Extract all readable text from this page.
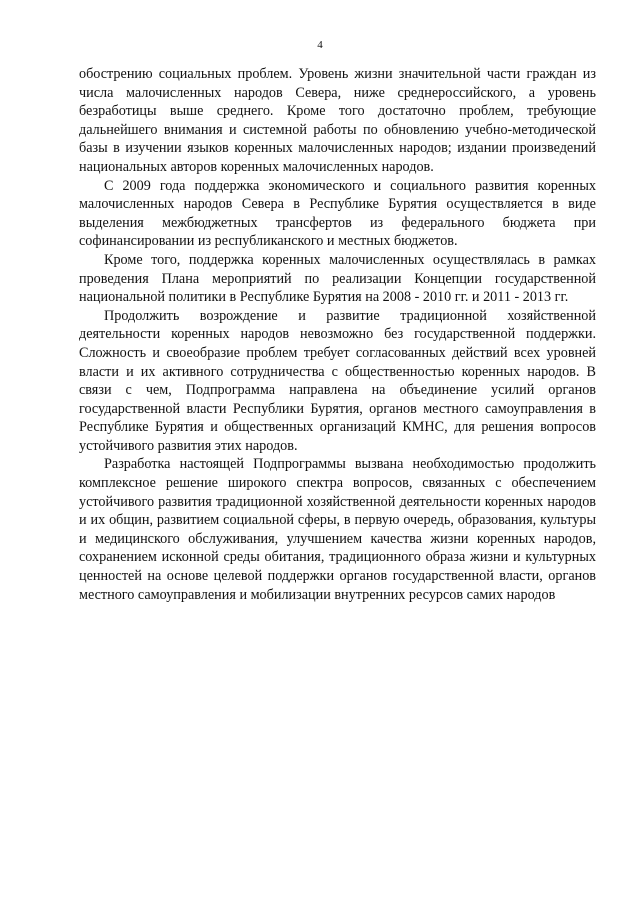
4

обострению социальных проблем. Уровень жизни значительной части граждан из числа малочисленных народов Севера, ниже среднероссийского, а уровень безработицы выше среднего. Кроме того достаточно проблем, требующие дальнейшего внимания и системной работы по обновлению учебно-методической базы в изучении языков коренных малочисленных народов; издании произведений национальных авторов коренных малочисленных народов.

С 2009 года поддержка экономического и социального развития коренных малочисленных народов Севера в Республике Бурятия осуществляется в виде выделения межбюджетных трансфертов из федерального бюджета при софинансировании из республиканского и местных бюджетов.

Кроме того, поддержка коренных малочисленных осуществлялась в рамках проведения Плана мероприятий по реализации Концепции государственной национальной политики в Республике Бурятия на 2008 - 2010 гг. и 2011 - 2013 гг.

Продолжить возрождение и развитие традиционной хозяйственной деятельности коренных народов невозможно без государственной поддержки. Сложность и своеобразие проблем требует согласованных действий всех уровней власти и их активного сотрудничества с общественностью коренных народов. В связи с чем, Подпрограмма направлена на объединение усилий органов государственной власти Республики Бурятия, органов местного самоуправления в Республике Бурятия и общественных организаций КМНС, для решения вопросов устойчивого развития этих народов.

Разработка настоящей Подпрограммы вызвана необходимостью продолжить комплексное решение широкого спектра вопросов, связанных с обеспечением устойчивого развития традиционной хозяйственной деятельности коренных народов и их общин, развитием социальной сферы, в первую очередь, образования, культуры и медицинского обслуживания, улучшением качества жизни коренных народов, сохранением исконной среды обитания, традиционного образа жизни и культурных ценностей на основе целевой поддержки органов государственной власти, органов местного самоуправления и мобилизации внутренних ресурсов самих народов
